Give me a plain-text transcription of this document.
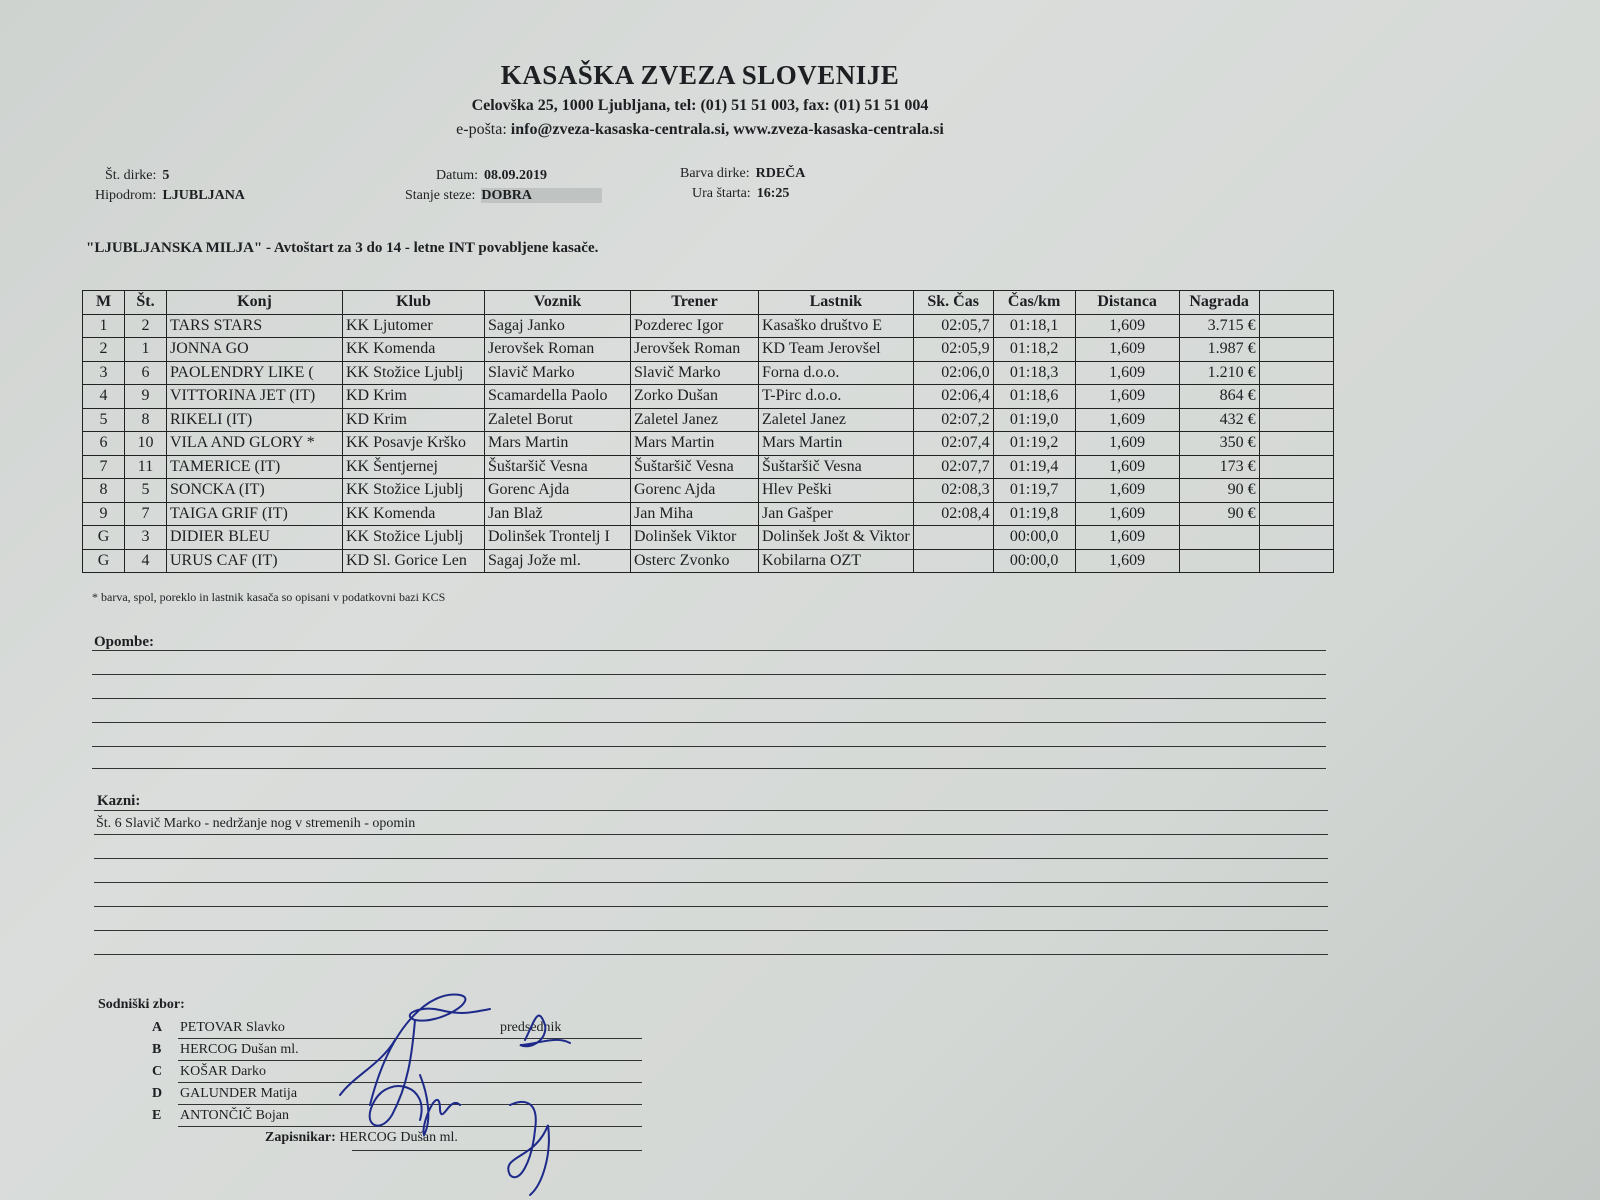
KASAŠKA ZVEZA SLOVENIJE
Celovška 25, 1000 Ljubljana, tel: (01) 51 51 003, fax: (01) 51 51 004
e-pošta: info@zveza-kasaska-centrala.si, www.zveza-kasaska-centrala.si
Št. dirke: 5
Hipodrom: LJUBLJANA
Datum: 08.09.2019
Stanje steze: DOBRA
Barva dirke: RDEČA
Ura štarta: 16:25
"LJUBLJANSKA MILJA" - Avtoštart za 3 do 14 - letne INT povabljene kasače.
M	Št.	Konj	Klub	Voznik	Trener	Lastnik	Sk. Čas	Čas/km	Distanca	Nagrada	
1	2	TARS STARS	KK Ljutomer	Sagaj Janko	Pozderec Igor	Kasaško društvo E	02:05,7	01:18,1	1,609	3.715 €	
2	1	JONNA GO	KK Komenda	Jerovšek Roman	Jerovšek Roman	KD Team Jerovšel	02:05,9	01:18,2	1,609	1.987 €	
3	6	PAOLENDRY LIKE (	KK Stožice Ljublj	Slavič Marko	Slavič Marko	Forna d.o.o.	02:06,0	01:18,3	1,609	1.210 €	
4	9	VITTORINA JET (IT)	KD Krim	Scamardella Paolo	Zorko Dušan	T-Pirc d.o.o.	02:06,4	01:18,6	1,609	864 €	
5	8	RIKELI (IT)	KD Krim	Zaletel Borut	Zaletel Janez	Zaletel Janez	02:07,2	01:19,0	1,609	432 €	
6	10	VILA AND GLORY *	KK Posavje Krško	Mars Martin	Mars Martin	Mars Martin	02:07,4	01:19,2	1,609	350 €	
7	11	TAMERICE (IT)	KK Šentjernej	Šuštaršič Vesna	Šuštaršič Vesna	Šuštaršič Vesna	02:07,7	01:19,4	1,609	173 €	
8	5	SONCKA (IT)	KK Stožice Ljublj	Gorenc Ajda	Gorenc Ajda	Hlev Peški	02:08,3	01:19,7	1,609	90 €	
9	7	TAIGA GRIF (IT)	KK Komenda	Jan Blaž	Jan Miha	Jan Gašper	02:08,4	01:19,8	1,609	90 €	
G	3	DIDIER BLEU	KK Stožice Ljublj	Dolinšek Trontelj I	Dolinšek Viktor	Dolinšek Jošt & Viktor		00:00,0	1,609		
G	4	URUS CAF (IT)	KD Sl. Gorice Len	Sagaj Jože ml.	Osterc Zvonko	Kobilarna OZT		00:00,0	1,609		
* barva, spol, poreklo in lastnik kasača so opisani v podatkovni bazi KCS
Opombe:
Kazni:
Št. 6 Slavič Marko - nedržanje nog v stremenih - opomin
Sodniški zbor:
A PETOVAR Slavko
B HERCOG Dušan ml.
C KOŠAR Darko
D GALUNDER Matija
E ANTONČIČ Bojan
predsednik
Zapisnikar: HERCOG Dušan ml.
